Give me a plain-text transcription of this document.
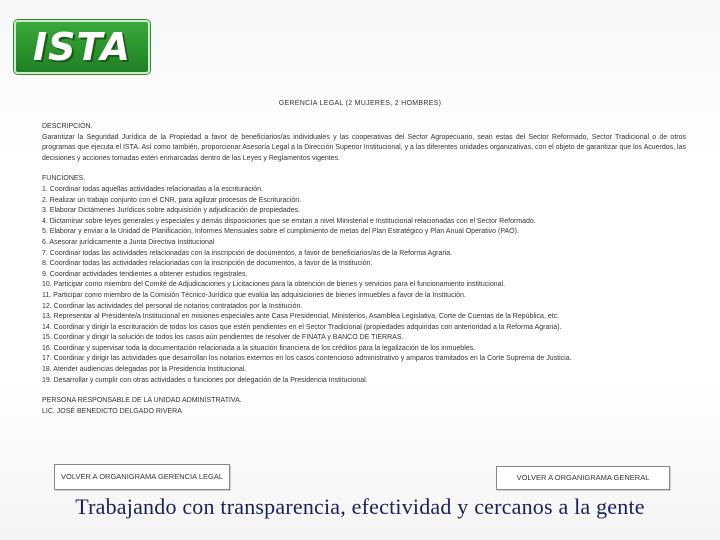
ISTA
GERENCIA LEGAL (2 MUJERES, 2 HOMBRES)

DESCRIPCIÓN.

Garantizar la Seguridad Jurídica de la Propiedad a favor de beneficiarios/as individuales y las cooperativas del Sector Agropecuario, sean estas del Sector Reformado, Sector Tradicional o de otros programas que ejecuta el ISTA. Así como también, proporcionar Asesoría Legal a la Dirección Superior Institucional, y a las diferentes unidades organizativas, con el objeto de garantizar que los Acuerdos, las decisiones y acciones tomadas estén enmarcadas dentro de las Leyes y Reglamentos vigentes.

FUNCIONES.

1. Coordinar todas aquellas actividades relacionadas a la escrituración.
2. Realizar un trabajo conjunto con el CNR, para agilizar procesos de Escrituración.
3. Elaborar Dictámenes Jurídicos sobre adquisición y adjudicación de propiedades.
4. Dictaminar sobre leyes generales y especiales y demás disposiciones que se emitan a nivel Ministerial e Institucional relacionadas con el Sector Reformado.
5. Elaborar y enviar a la Unidad de Planificación, Informes Mensuales sobre el cumplimiento de metas del Plan Estratégico y Plan Anual Operativo (PAO).
6. Asesorar jurídicamente a Junta Directiva Institucional
7. Coordinar todas las actividades relacionadas con la inscripción de documentos, a favor de beneficiarios/as de la Reforma Agraria.
8. Coordinar todas las actividades relacionadas con la inscripción de documentos, a favor de la Institución.
9. Coordinar actividades tendientes a obtener estudios registrales.
10. Participar como miembro del Comité de Adjudicaciones y Licitaciones para la obtención de bienes y servicios para el funcionamiento institucional.
11. Participar como miembro de la Comisión Técnico-Jurídico que evalúa las adquisiciones de bienes inmuebles a favor de la Institución.
12. Coordinar las actividades del personal de notarios contratados por la Institución.
13. Representar al Presidente/a Institucional en misiones especiales ante Casa Presidencial, Ministerios, Asamblea Legislativa, Corte de Cuentas de la República, etc.
14. Coordinar y dirigir la escrituración de todos los casos que estén pendientes en el Sector Tradicional (propiedades adquiridas con anterioridad a la Reforma Agraria).
15. Coordinar y dirigir la solución de todos los casos aún pendientes de resolver de FINATA y BANCO DE TIERRAS.
16. Coordinar y supervisar toda la documentación relacionada a la situación financiera de los créditos para la legalización de los inmuebles.
17. Coordinar y dirigir las actividades que desarrollan los notarios externos en los casos contencioso administrativo y amparos tramitados en la Corte Suprema de Justicia.
18. Atender audiencias delegadas por la Presidencia Institucional.
19. Desarrollar y cumplir con otras actividades o funciones por delegación de la Presidencia Institucional.

PERSONA RESPONSABLE DE LA UNIDAD ADMINISTRATIVA.

LIC. JOSÉ BENEDICTO DELGADO RIVERA

VOLVER A ORGANIGRAMA GERENCIA LEGAL	VOLVER A ORGANIGRAMA GENERAL
Trabajando con transparencia, efectividad y cercanos a la gente
